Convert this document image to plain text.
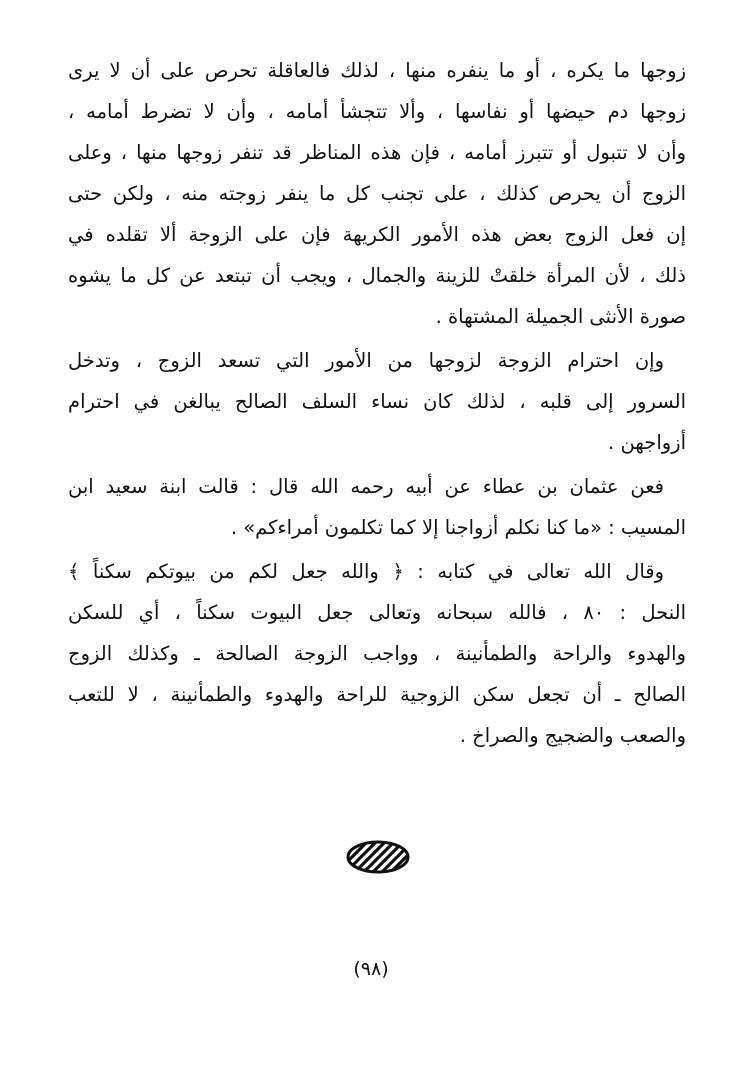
زوجها ما يكره ، أو ما ينفره منها ، لذلك فالعاقلة تحرص على أن لا يرى
زوجها دم حيضها أو نفاسها ، وألا تتجشأ أمامه ، وأن لا تضرط أمامه ،
وأن لا تتبول أو تتبرز أمامه ، فإن هذه المناظر قد تنفر زوجها منها ، وعلى
الزوج أن يحرص كذلك ، على تجنب كل ما ينفر زوجته منه ، ولكن حتى
إن فعل الزوج بعض هذه الأمور الكريهة فإن على الزوجة ألا تقلده في
ذلك ، لأن المرأة خلقتْ للزينة والجمال ، ويجب أن تبتعد عن كل ما يشوه
صورة الأنثى الجميلة المشتهاة .
وإن احترام الزوجة لزوجها من الأمور التي تسعد الزوج ، وتدخل
السرور إلى قلبه ، لذلك كان نساء السلف الصالح يبالغن في احترام
أزواجهن .
فعن عثمان بن عطاء عن أبيه رحمه الله قال : قالت ابنة سعيد ابن
المسيب : «ما كنا نكلم أزواجنا إلا كما تكلمون أمراءكم» .
وقال الله تعالى في كتابه : ﴿ والله جعل لكم من بيوتكم سكناً ﴾
النحل : ٨٠ ، فالله سبحانه وتعالى جعل البيوت سكناً ، أي للسكن
والهدوء والراحة والطمأنينة ، وواجب الزوجة الصالحة ـ وكذلك الزوج
الصالح ـ أن تجعل سكن الزوجية للراحة والهدوء والطمأنينة ، لا للتعب
والصعب والضجيج والصراخ .
(٩٨)
